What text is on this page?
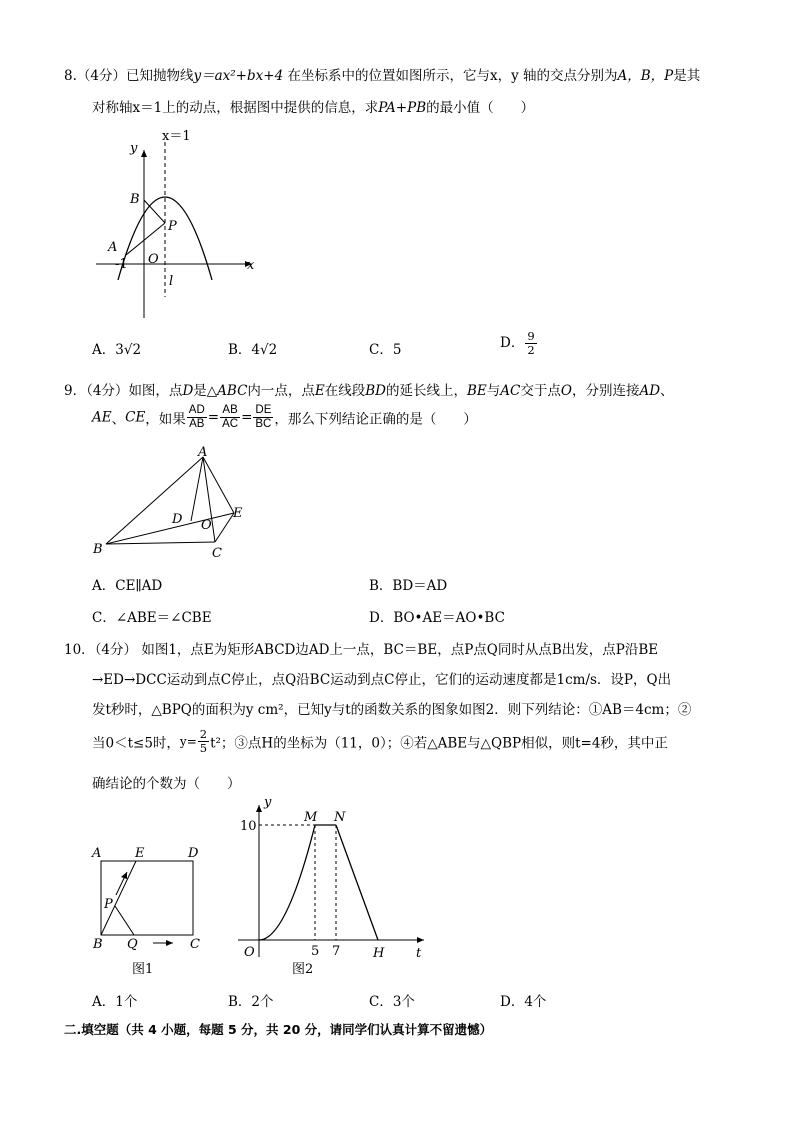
8.（4分）已知抛物线y＝ax²+bx+4 在坐标系中的位置如图所示，它与x，y 轴的交点分别为A，B，P是其
对称轴x＝1上的动点，根据图中提供的信息，求PA+PB的最小值（　　）
x＝1
y
B
P
A
-1 O	x
l
A．3√2	B．4√2	C．5	D． $\frac{9}{2}$
9．（4分）如图，点D是△ABC内一点，点E在线段BD的延长线上，BE与AC交于点O，分别连接AD、
AE、CE，如果 $\frac{AD}{AB} = \frac{AB}{AC} = \frac{DE}{BC}$ ，那么下列结论正确的是（　　）
A
D O
E
B	C
A．CE∥AD	B．BD＝AD
C．∠ABE＝∠CBE	D．BO•AE＝AO•BC
10．（4分） 如图1，点E为矩形ABCD边AD上一点，BC＝BE，点P点Q同时从点B出发，点P沿BE
→ED→DCC运动到点C停止，点Q沿BC运动到点C停止，它们的运动速度都是1cm/s．设P，Q出
发t秒时，△BPQ的面积为y cm²，已知y与t的函数关系的图象如图2．则下列结论：①AB＝4cm；②
当0＜t≤5时，$y= \frac{2}{5} t^2$；③点H的坐标为（11，0）；④若△ABE与△QBP相似，则t=4秒，其中正
确结论的个数为（　　）
A	E	D
P
B Q	C
图1
y
M N
10
O	5 7	H t
图2
A．1个	B．2个	C．3个	D．4个
二.填空题（共 4 小题，每题 5 分，共 20 分，请同学们认真计算不留遗憾）
